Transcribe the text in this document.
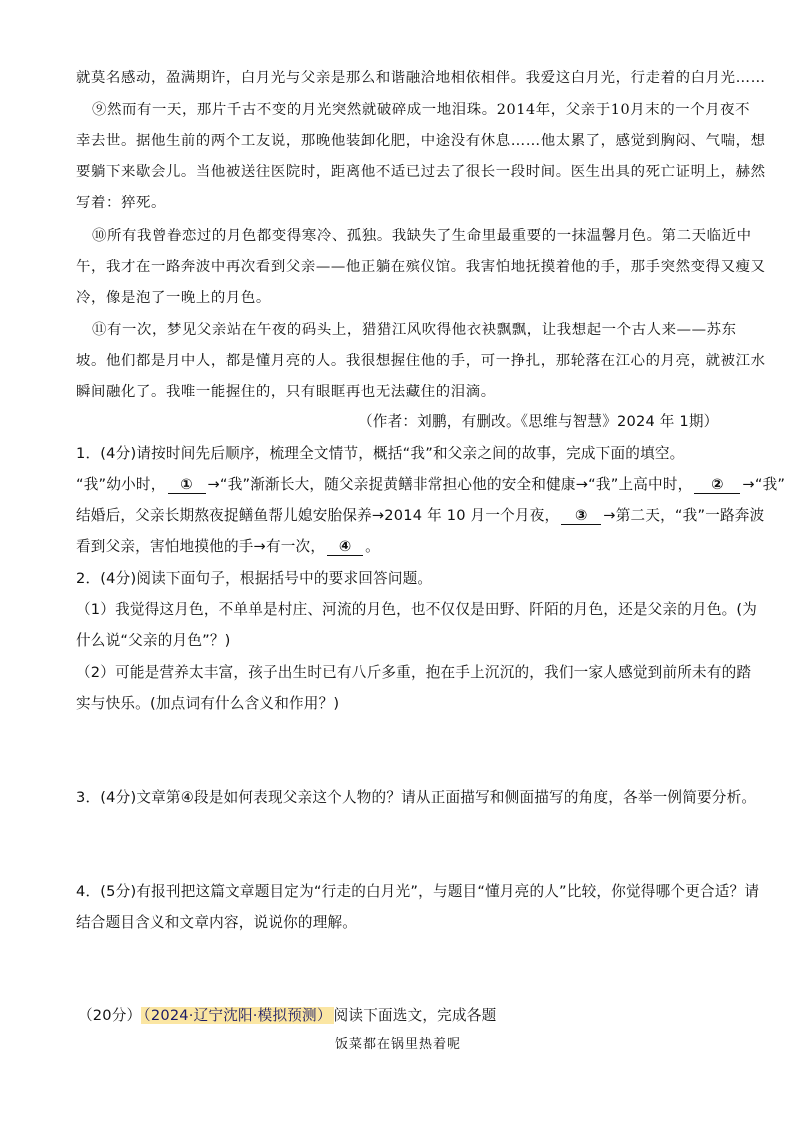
就莫名感动，盈满期许，白月光与父亲是那么和谐融洽地相依相伴。我爱这白月光，行走着的白月光……
⑨然而有一天，那片千古不变的月光突然就破碎成一地泪珠。2014年，父亲于10月末的一个月夜不
幸去世。据他生前的两个工友说，那晚他装卸化肥，中途没有休息……他太累了，感觉到胸闷、气喘，想
要躺下来歇会儿。当他被送往医院时，距离他不适已过去了很长一段时间。医生出具的死亡证明上，赫然
写着：猝死。
⑩所有我曾眷恋过的月色都变得寒冷、孤独。我缺失了生命里最重要的一抹温馨月色。第二天临近中
午，我才在一路奔波中再次看到父亲——他正躺在殡仪馆。我害怕地抚摸着他的手，那手突然变得又瘦又
冷，像是泡了一晚上的月色。
⑪有一次，梦见父亲站在午夜的码头上，猎猎江风吹得他衣袂飘飘，让我想起一个古人来——苏东
坡。他们都是月中人，都是懂月亮的人。我很想握住他的手，可一挣扎，那轮落在江心的月亮，就被江水
瞬间融化了。我唯一能握住的，只有眼眶再也无法藏住的泪滴。
（作者：刘鹏，有删改。《思维与智慧》2024 年 1期）
1．(4分)请按时间先后顺序，梳理全文情节，概括“我”和父亲之间的故事，完成下面的填空。
“我”幼小时， ① →“我”渐渐长大，随父亲捉黄鳝非常担心他的安全和健康→“我”上高中时， ② →“我”
结婚后，父亲长期熬夜捉鳝鱼帮儿媳安胎保养→2014 年 10 月一个月夜， ③ →第二天，“我”一路奔波
看到父亲，害怕地摸他的手→有一次， ④ 。
2．(4分)阅读下面句子，根据括号中的要求回答问题。
（1）我觉得这月色，不单单是村庄、河流的月色，也不仅仅是田野、阡陌的月色，还是父亲的月色。(为
什么说“父亲的月色”？)
（2）可能是营养太丰富，孩子出生时已有八斤多重，抱在手上沉沉的，我们一家人感觉到前所未有的踏
实与快乐。(加点词有什么含义和作用？)
3．(4分)文章第④段是如何表现父亲这个人物的？请从正面描写和侧面描写的角度，各举一例简要分析。
4．(5分)有报刊把这篇文章题目定为“行走的白月光”，与题目“懂月亮的人”比较，你觉得哪个更合适？请
结合题目含义和文章内容，说说你的理解。
（20分） （2024·辽宁沈阳·模拟预测） 阅读下面选文，完成各题
饭菜都在锅里热着呢
